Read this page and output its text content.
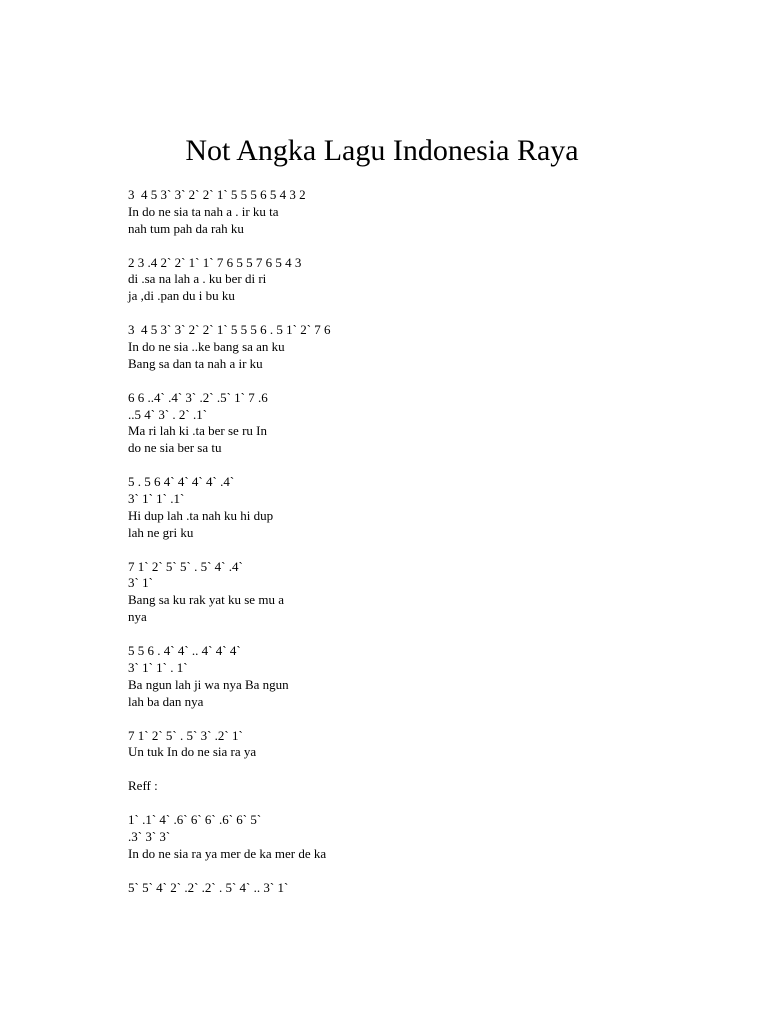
Not Angka Lagu Indonesia Raya
3  4 5 3` 3` 2` 2` 1` 5 5 5 6 5 4 3 2
In do ne sia ta nah a . ir ku ta
nah tum pah da rah ku
2 3 .4 2` 2` 1` 1` 7 6 5 5 7 6 5 4 3
di .sa na lah a . ku ber di ri
ja ,di .pan du i bu ku
3  4 5 3` 3` 2` 2` 1` 5 5 5 6 . 5 1` 2` 7 6
In do ne sia ..ke bang sa an ku
Bang sa dan ta nah a ir ku
6 6 ..4` .4` 3` .2` .5` 1` 7 .6
..5 4` 3` . 2` .1`
Ma ri lah ki .ta ber se ru In
do ne sia ber sa tu
5 . 5 6 4` 4` 4` 4` .4`
3` 1` 1` .1`
Hi dup lah .ta nah ku hi dup
lah ne gri ku
7 1` 2` 5` 5` . 5` 4` .4`
3` 1`
Bang sa ku rak yat ku se mu a
nya
5 5 6 . 4` 4` .. 4` 4` 4`
3` 1` 1` . 1`
Ba ngun lah ji wa nya Ba ngun
lah ba dan nya
7 1` 2` 5` . 5` 3` .2` 1`
Un tuk In do ne sia ra ya
Reff :
1` .1` 4` .6` 6` 6` .6` 6` 5`
.3` 3` 3`
In do ne sia ra ya mer de ka mer de ka
5` 5` 4` 2` .2` .2` . 5` 4` .. 3` 1`
